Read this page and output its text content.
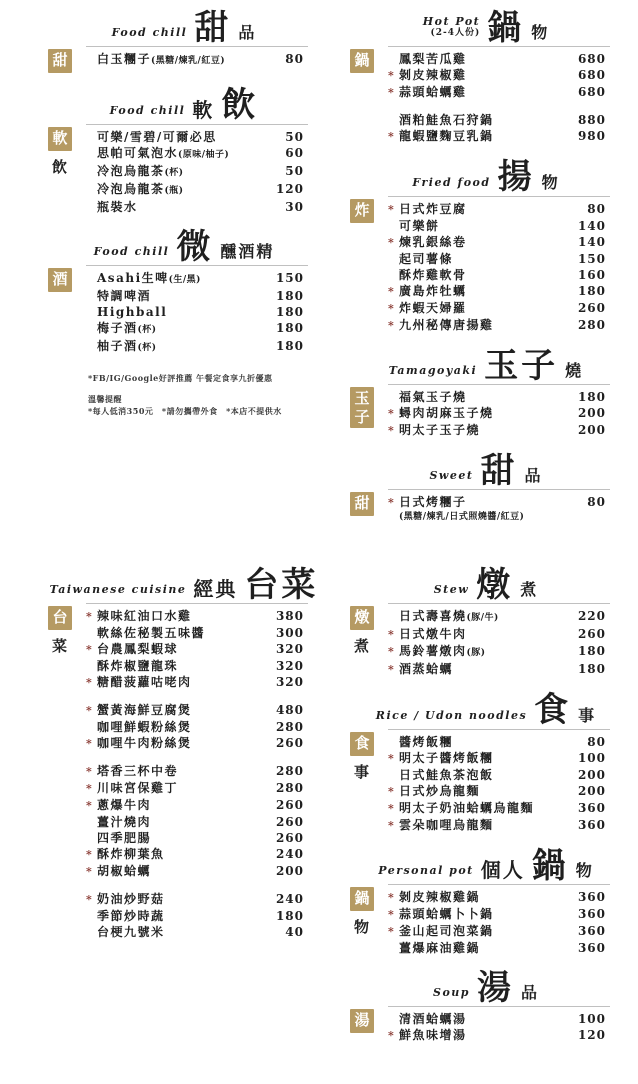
Food chill 甜 品
甜	白玉糰子(黑糖/煉乳/紅豆)	80
Food chill 軟 飲
軟
飲
可樂/雪碧/可爾必思	50
思帕可氣泡水(原味/柚子)	60
冷泡烏龍茶(杯)	50
冷泡烏龍茶(瓶)	120
瓶裝水	30
Food chill 微 醺酒精
酒	Asahi生啤(生/黑)	150
特調啤酒	180
Highball	180
梅子酒(杯)	180
柚子酒(杯)	180
*FB/IG/Google好評推薦 午餐定食享九折優惠
溫馨提醒
*每人低消350元　*請勿攜帶外食　*本店不提供水
Hot Pot
(2-4人份) 鍋 物
鍋	鳳梨苦瓜雞	680
* 剝皮辣椒雞	680
* 蒜頭蛤蠣雞	680
酒粕鮭魚石狩鍋	880
* 龍蝦鹽麴豆乳鍋	980
Fried food 揚 物
炸	* 日式炸豆腐	80
可樂餅	140
* 煉乳銀絲卷	140
起司薯條	150
酥炸雞軟骨	160
* 廣島炸牡蠣	180
* 炸蝦天婦羅	260
* 九州秘傳唐揚雞	280
Tamagoyaki 玉子 燒
玉子
福氣玉子燒	180
* 蟳肉胡麻玉子燒	200
* 明太子玉子燒	200
Sweet 甜 品
甜	* 日式烤糰子	80
(黑糖/煉乳/日式照燒醬/紅豆)
Taiwanese cuisine 經典 台菜
台
菜
* 辣味紅油口水雞	380
軟絲佐秘製五味醬	300
* 台農鳳梨蝦球	320
酥炸椒鹽龍珠	320
* 糖醋菠蘿咕咾肉	320
* 蟹黃海鮮豆腐煲	480
咖哩鮮蝦粉絲煲	280
* 咖哩牛肉粉絲煲	260
* 塔香三杯中卷	280
* 川味宮保雞丁	280
* 蔥爆牛肉	260
薑汁燒肉	260
四季肥腸	260
* 酥炸柳葉魚	240
* 胡椒蛤蠣	200
* 奶油炒野菇	240
季節炒時蔬	180
台梗九號米	40
Stew 燉 煮
燉
煮
日式壽喜燒(豚/牛)	220
* 日式燉牛肉	260
* 馬鈴薯燉肉(豚)	180
* 酒蒸蛤蠣	180
Rice / Udon noodles 食 事
食
事
醬烤飯糰	80
* 明太子醬烤飯糰	100
日式鮭魚茶泡飯	200
* 日式炒烏龍麵	200
* 明太子奶油蛤蠣烏龍麵	360
* 雲朵咖哩烏龍麵	360
Personal pot 個人 鍋 物
鍋
物
* 剝皮辣椒雞鍋	360
* 蒜頭蛤蠣卜卜鍋	360
* 釜山起司泡菜鍋	360
薑爆麻油雞鍋	360
Soup 湯 品
湯	清酒蛤蠣湯	100
* 鮮魚味增湯	120
